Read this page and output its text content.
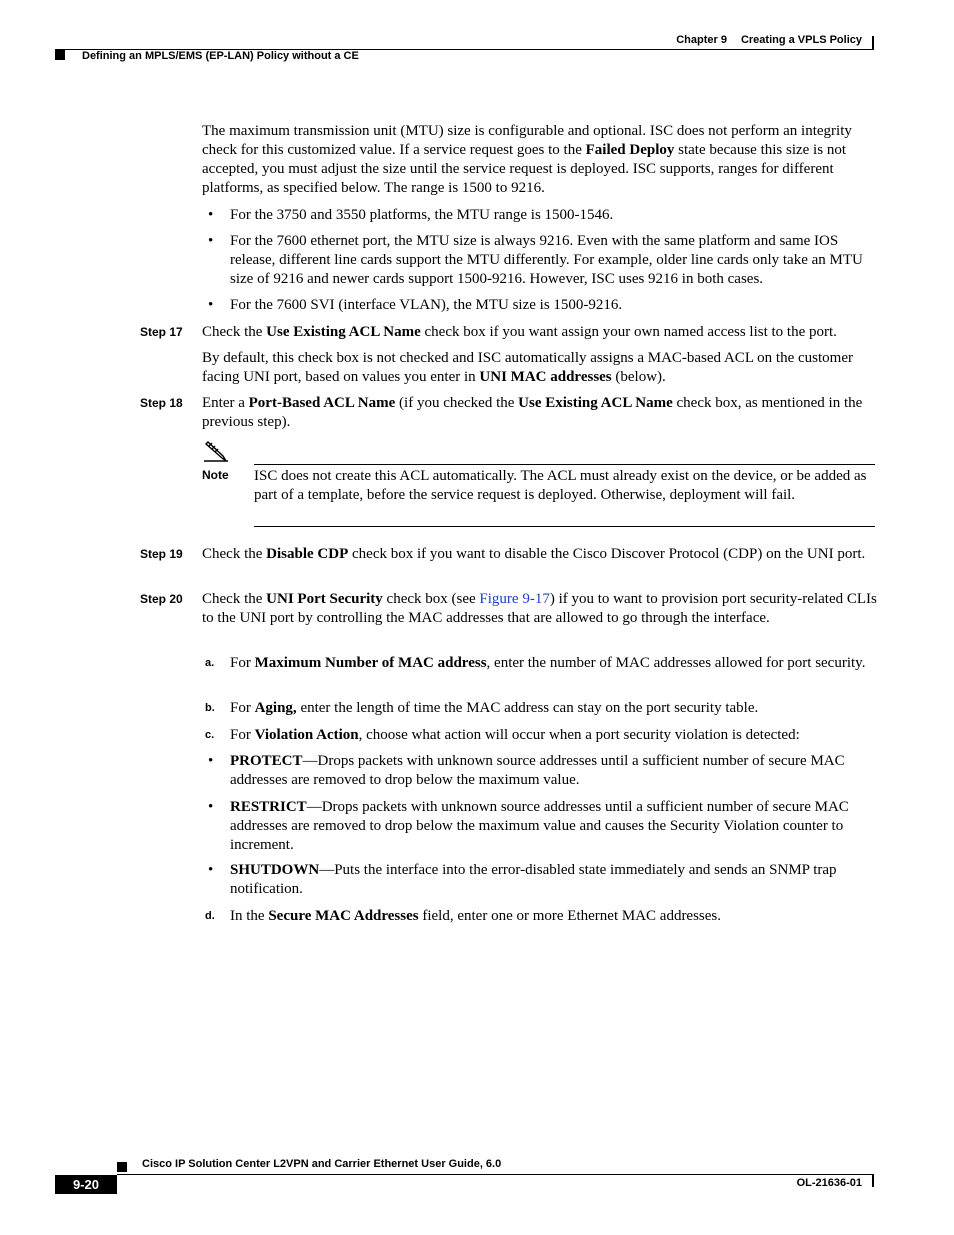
Chapter 9 Creating a VPLS Policy
Defining an MPLS/EMS (EP-LAN) Policy without a CE

The maximum transmission unit (MTU) size is configurable and optional. ISC does not perform an integrity check for this customized value. If a service request goes to the Failed Deploy state because this size is not accepted, you must adjust the size until the service request is deployed. ISC supports, ranges for different platforms, as specified below. The range is 1500 to 9216.

• For the 3750 and 3550 platforms, the MTU range is 1500-1546.

• For the 7600 ethernet port, the MTU size is always 9216. Even with the same platform and same IOS release, different line cards support the MTU differently. For example, older line cards only take an MTU size of 9216 and newer cards support 1500-9216. However, ISC uses 9216 in both cases.

• For the 7600 SVI (interface VLAN), the MTU size is 1500-9216.

Step 17 Check the Use Existing ACL Name check box if you want assign your own named access list to the port.

By default, this check box is not checked and ISC automatically assigns a MAC-based ACL on the customer facing UNI port, based on values you enter in UNI MAC addresses (below).

Step 18 Enter a Port-Based ACL Name (if you checked the Use Existing ACL Name check box, as mentioned in the previous step).

Note ISC does not create this ACL automatically. The ACL must already exist on the device, or be added as part of a template, before the service request is deployed. Otherwise, deployment will fail.

Step 19 Check the Disable CDP check box if you want to disable the Cisco Discover Protocol (CDP) on the UNI port.

Step 20 Check the UNI Port Security check box (see Figure 9-17) if you to want to provision port security-related CLIs to the UNI port by controlling the MAC addresses that are allowed to go through the interface.

a. For Maximum Number of MAC address, enter the number of MAC addresses allowed for port security.

b. For Aging, enter the length of time the MAC address can stay on the port security table.

c. For Violation Action, choose what action will occur when a port security violation is detected:

• PROTECT—Drops packets with unknown source addresses until a sufficient number of secure MAC addresses are removed to drop below the maximum value.

• RESTRICT—Drops packets with unknown source addresses until a sufficient number of secure MAC addresses are removed to drop below the maximum value and causes the Security Violation counter to increment.

• SHUTDOWN—Puts the interface into the error-disabled state immediately and sends an SNMP trap notification.

d. In the Secure MAC Addresses field, enter one or more Ethernet MAC addresses.

Cisco IP Solution Center L2VPN and Carrier Ethernet User Guide, 6.0
9-20	OL-21636-01
